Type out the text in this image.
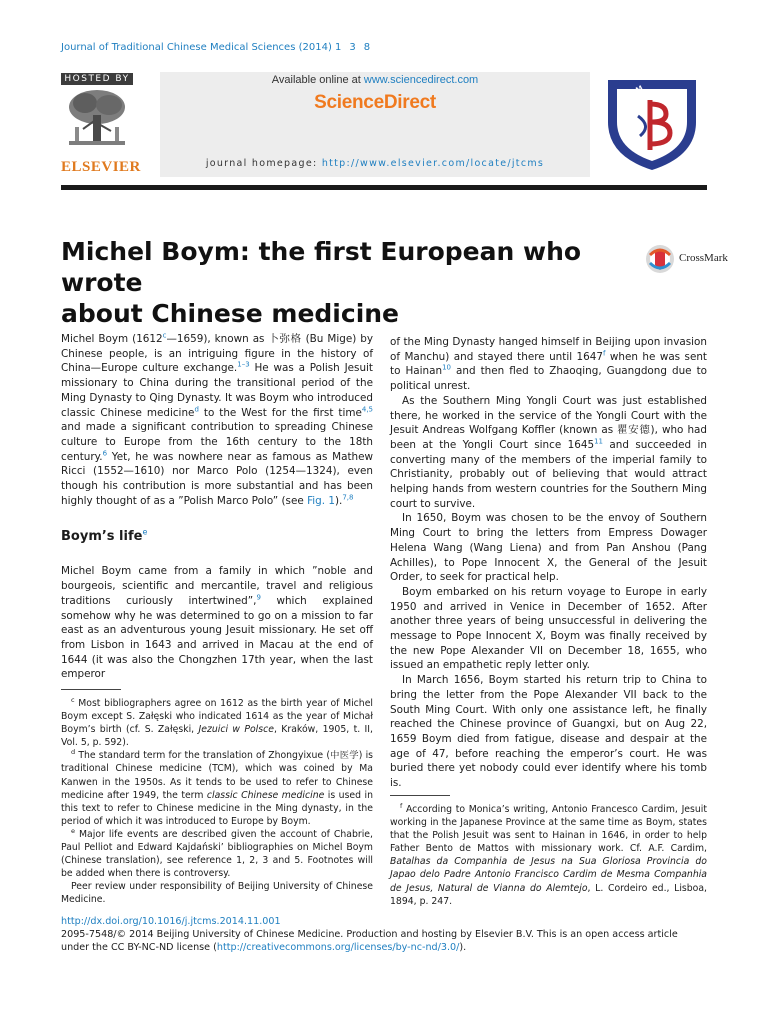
Journal of Traditional Chinese Medical Sciences (2014) 1 3 8
HOSTED BY
ELSEVIER
Available online at www.sciencedirect.com
ScienceDirect
journal homepage: http://www.elsevier.com/locate/jtcms
BUCM
Michel Boym: the first European who wrote
about Chinese medicine
CrossMark

Michel Boym (1612$^c$—1659), known as 卜弥格 (Bu Mige) by Chinese people, is an intriguing figure in the history of China—Europe culture exchange.$^{1-3}$ He was a Polish Jesuit missionary to China during the transitional period of the Ming Dynasty to Qing Dynasty. It was Boym who introduced classic Chinese medicine$^d$ to the West for the first time$^{4,5}$ and made a significant contribution to spreading Chinese culture to Europe from the 16th century to the 18th century.$^6$ Yet, he was nowhere near as famous as Mathew Ricci (1552—1610) nor Marco Polo (1254—1324), even though his contribution is more substantial and has been highly thought of as a ”Polish Marco Polo” (see Fig. 1).$^{7,8}$

Boym’s life$^e$

Michel Boym came from a family in which ”noble and bourgeois, scientific and mercantile, travel and religious traditions curiously intertwined”,$^9$ which explained somehow why he was determined to go on a mission to far east as an adventurous young Jesuit missionary. He set off from Lisbon in 1643 and arrived in Macau at the end of 1644 (it was also the Chongzhen 17th year, when the last emperor

of the Ming Dynasty hanged himself in Beijing upon invasion of Manchu) and stayed there until 1647$^f$ when he was sent to Hainan$^{10}$ and then fled to Zhaoqing, Guangdong due to political unrest.

As the Southern Ming Yongli Court was just established there, he worked in the service of the Yongli Court with the Jesuit Andreas Wolfgang Koffler (known as 瞿安德), who had been at the Yongli Court since 1645$^{11}$ and succeeded in converting many of the members of the imperial family to Christianity, probably out of believing that would attract helping hands from western countries for the Southern Ming court to survive.

In 1650, Boym was chosen to be the envoy of Southern Ming Court to bring the letters from Empress Dowager Helena Wang (Wang Liena) and from Pan Anshou (Pang Achilles), to Pope Innocent X, the General of the Jesuit Order, to seek for practical help.

Boym embarked on his return voyage to Europe in early 1950 and arrived in Venice in December of 1652. After another three years of being unsuccessful in delivering the message to Pope Innocent X, Boym was finally received by the new Pope Alexander VII on December 18, 1655, who issued an empathetic reply letter only.

In March 1656, Boym started his return trip to China to bring the letter from the Pope Alexander VII back to the South Ming Court. With only one assistance left, he finally reached the Chinese province of Guangxi, but on Aug 22, 1659 Boym died from fatigue, disease and despair at the age of 47, before reaching the emperor’s court. He was buried there yet nobody could ever identify where his tomb is.

$^c$ Most bibliographers agree on 1612 as the birth year of Michel Boym except S. Załęski who indicated 1614 as the year of Michał Boym’s birth (cf. S. Załęski, Jezuici w Polsce, Kraków, 1905, t. II, Vol. 5, p. 592).

$^d$ The standard term for the translation of Zhongyixue (中医学) is traditional Chinese medicine (TCM), which was coined by Ma Kanwen in the 1950s. As it tends to be used to refer to Chinese medicine after 1949, the term classic Chinese medicine is used in this text to refer to Chinese medicine in the Ming dynasty, in the period of which it was introduced to Europe by Boym.

$^e$ Major life events are described given the account of Chabrie, Paul Pelliot and Edward Kajdański’ bibliographies on Michel Boym (Chinese translation), see reference 1, 2, 3 and 5. Footnotes will be added when there is controversy.

Peer review under responsibility of Beijing University of Chinese Medicine.

$^f$ According to Monica’s writing, Antonio Francesco Cardim, Jesuit working in the Japanese Province at the same time as Boym, states that the Polish Jesuit was sent to Hainan in 1646, in order to help Father Bento de Mattos with missionary work. Cf. A.F. Cardim, Batalhas da Companhia de Jesus na Sua Gloriosa Provincia do Japao delo Padre Antonio Francisco Cardim de Mesma Companhia de Jesus, Natural de Vianna do Alemtejo, L. Cordeiro ed., Lisboa, 1894, p. 247.

http://dx.doi.org/10.1016/j.jtcms.2014.11.001

2095-7548/© 2014 Beijing University of Chinese Medicine. Production and hosting by Elsevier B.V. This is an open access article under the CC BY-NC-ND license (http://creativecommons.org/licenses/by-nc-nd/3.0/).
